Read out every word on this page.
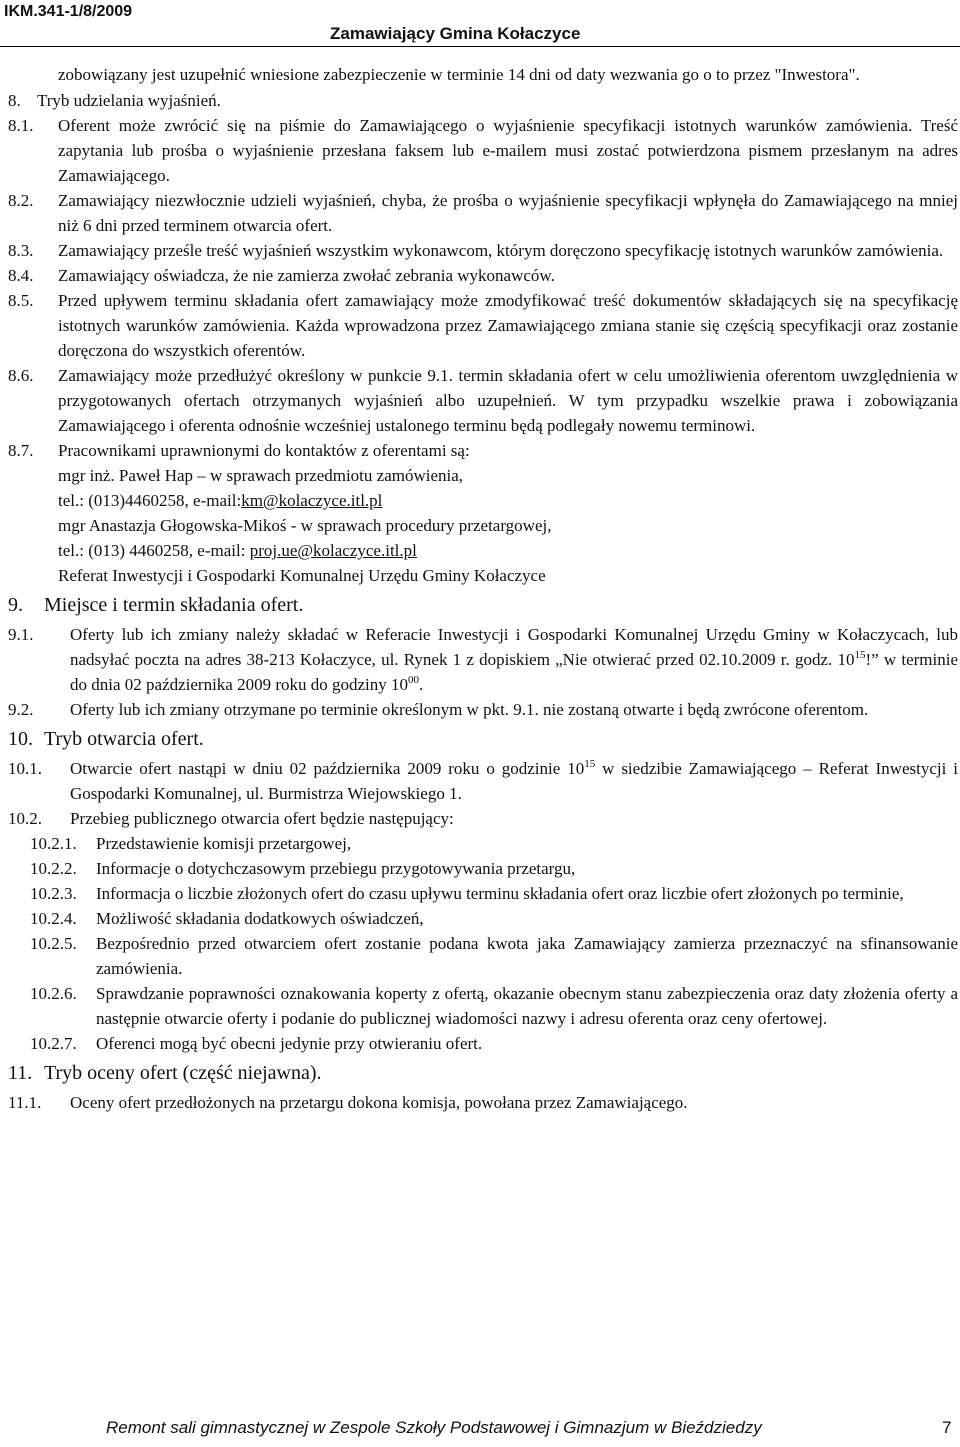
IKM.341-1/8/2009
Zamawiający Gmina Kołaczyce

zobowiązany jest uzupełnić wniesione zabezpieczenie w terminie 14 dni od daty wezwania go o to przez "Inwestora".

8. Tryb udzielania wyjaśnień.

8.1. Oferent może zwrócić się na piśmie do Zamawiającego o wyjaśnienie specyfikacji istotnych warunków zamówienia. Treść zapytania lub prośba o wyjaśnienie przesłana faksem lub e-mailem musi zostać potwierdzona pismem przesłanym na adres Zamawiającego.
8.2. Zamawiający niezwłocznie udzieli wyjaśnień, chyba, że prośba o wyjaśnienie specyfikacji wpłynęła do Zamawiającego na mniej niż 6 dni przed terminem otwarcia ofert.
8.3. Zamawiający prześle treść wyjaśnień wszystkim wykonawcom, którym doręczono specyfikację istotnych warunków zamówienia.
8.4. Zamawiający oświadcza, że nie zamierza zwołać zebrania wykonawców.
8.5. Przed upływem terminu składania ofert zamawiający może zmodyfikować treść dokumentów składających się na specyfikację istotnych warunków zamówienia. Każda wprowadzona przez Zamawiającego zmiana stanie się częścią specyfikacji oraz zostanie doręczona do wszystkich oferentów.
8.6. Zamawiający może przedłużyć określony w punkcie 9.1. termin składania ofert w celu umożliwienia oferentom uwzględnienia w przygotowanych ofertach otrzymanych wyjaśnień albo uzupełnień. W tym przypadku wszelkie prawa i zobowiązania Zamawiającego i oferenta odnośnie wcześniej ustalonego terminu będą podlegały nowemu terminowi.
8.7. Pracownikami uprawnionymi do kontaktów z oferentami są:
mgr inż. Paweł Hap – w sprawach przedmiotu zamówienia,
tel.: (013)4460258, e-mail:km@kolaczyce.itl.pl
mgr Anastazja Głogowska-Mikoś - w sprawach procedury przetargowej,
tel.: (013) 4460258, e-mail: proj.ue@kolaczyce.itl.pl
Referat Inwestycji i Gospodarki Komunalnej Urzędu Gminy Kołaczyce

9. Miejsce i termin składania ofert.

9.1. Oferty lub ich zmiany należy składać w Referacie Inwestycji i Gospodarki Komunalnej Urzędu Gminy w Kołaczycach, lub nadsyłać poczta na adres 38-213 Kołaczyce, ul. Rynek 1 z dopiskiem „Nie otwierać przed 02.10.2009 r. godz. $10^{15}$!” w terminie do dnia 02 października 2009 roku do godziny $10^{00}$.
9.2. Oferty lub ich zmiany otrzymane po terminie określonym w pkt. 9.1. nie zostaną otwarte i będą zwrócone oferentom.

10. Tryb otwarcia ofert.

10.1. Otwarcie ofert nastąpi w dniu 02 października 2009 roku o godzinie $10^{15}$ w siedzibie Zamawiającego – Referat Inwestycji i Gospodarki Komunalnej, ul. Burmistrza Wiejowskiego 1.
10.2. Przebieg publicznego otwarcia ofert będzie następujący:
10.2.1. Przedstawienie komisji przetargowej,
10.2.2. Informacje o dotychczasowym przebiegu przygotowywania przetargu,
10.2.3. Informacja o liczbie złożonych ofert do czasu upływu terminu składania ofert oraz liczbie ofert złożonych po terminie,
10.2.4. Możliwość składania dodatkowych oświadczeń,
10.2.5. Bezpośrednio przed otwarciem ofert zostanie podana kwota jaka Zamawiający zamierza przeznaczyć na sfinansowanie zamówienia.
10.2.6. Sprawdzanie poprawności oznakowania koperty z ofertą, okazanie obecnym stanu zabezpieczenia oraz daty złożenia oferty a następnie otwarcie oferty i podanie do publicznej wiadomości nazwy i adresu oferenta oraz ceny ofertowej.
10.2.7. Oferenci mogą być obecni jedynie przy otwieraniu ofert.

11. Tryb oceny ofert (część niejawna).

11.1. Oceny ofert przedłożonych na przetargu dokona komisja, powołana przez Zamawiającego.
Remont sali gimnastycznej w Zespole Szkoły Podstawowej i Gimnazjum w Bieździedzy	7
